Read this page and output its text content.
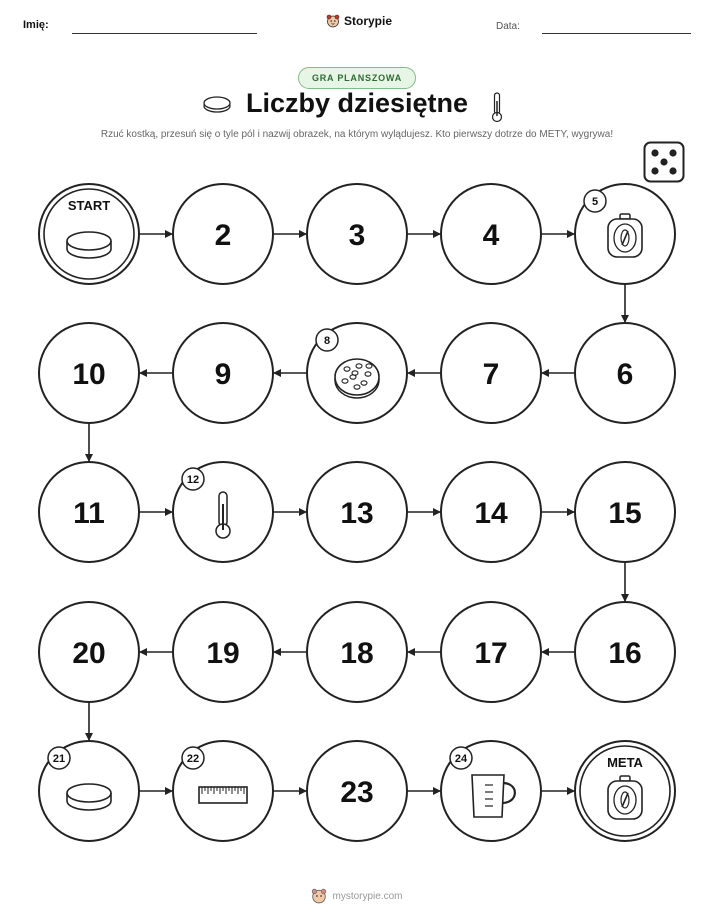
Imię:	Storypie	Data:
GRA PLANSZOWA
Liczby dziesiętne
Rzuć kostką, przesuń się o tyle pól i nazwij obrazek, na którym wylądujesz. Kto pierwszy dotrze do METY, wygrywa!
START
2	3	4
5
6
7
8
9
10
11
12
13	14	15
16
17
18
19
20
21	22
23
24	META
mystorypie.com
